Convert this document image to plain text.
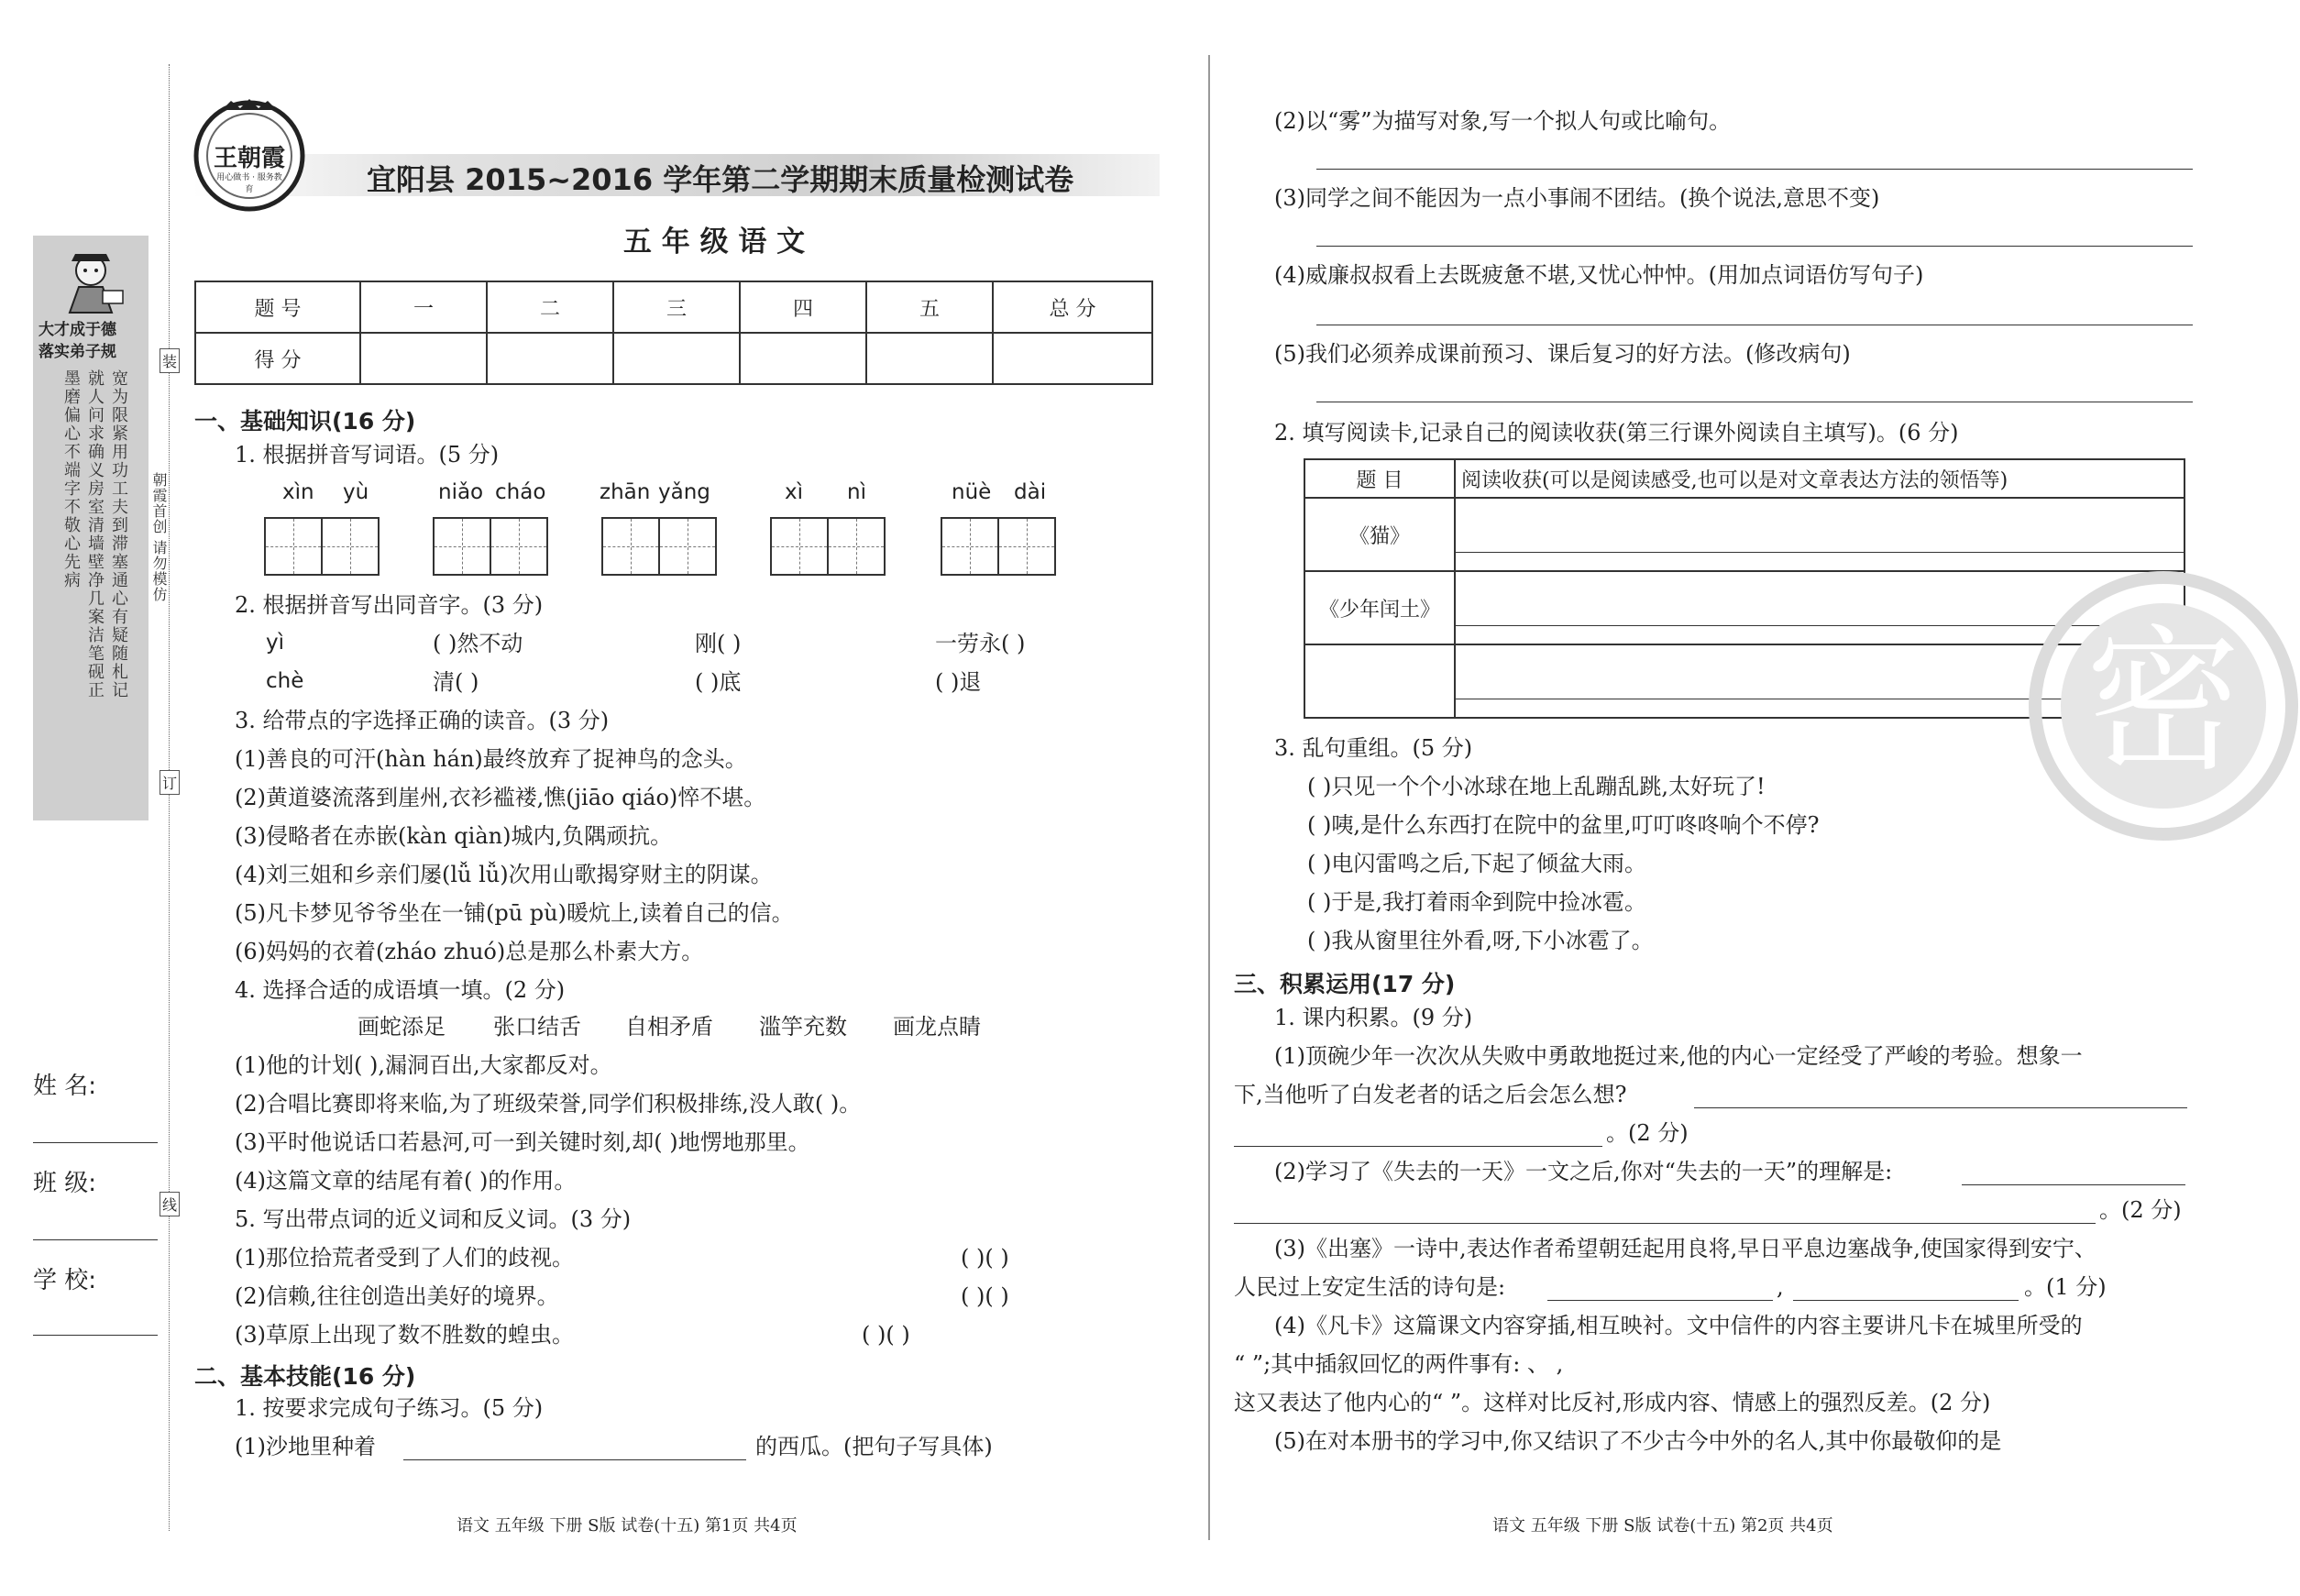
大才成于德
落实弟子规
宽为限紧用功工夫到滞塞通心有疑随札记
就人问求确义房室清墙壁净几案洁笔砚正
墨磨偏心不端字不敬心先病
姓 名:
班 级:
学 校:
装
订
线
朝霞首创 请勿模仿
王朝霞
用心做书 · 服务教育	宜阳县 2015~2016 学年第二学期期末质量检测试卷
五 年 级 语 文
题 号	一	二	三	四	五	总 分
得 分						
一、基础知识(16 分)
1. 根据拼音写词语。(5 分)
xìn yù	niǎo cháo	zhān yǎng	xì nì	nüè dài
2. 根据拼音写出同音字。(3 分)
yì	( )然不动	刚( )	一劳永( )
chè	清( )	( )底	( )退
3. 给带点的字选择正确的读音。(3 分)
(1)善良的可汗(hàn hán)最终放弃了捉神鸟的念头。
(2)黄道婆流落到崖州,衣衫褴褛,憔(jiāo qiáo)悴不堪。
(3)侵略者在赤嵌(kàn qiàn)城内,负隅顽抗。
(4)刘三姐和乡亲们屡(lǚ lǚ)次用山歌揭穿财主的阴谋。
(5)凡卡梦见爷爷坐在一铺(pū pù)暖炕上,读着自己的信。
(6)妈妈的衣着(zháo zhuó)总是那么朴素大方。
4. 选择合适的成语填一填。(2 分)
画蛇添足 张口结舌 自相矛盾 滥竽充数 画龙点睛
(1)他的计划( ),漏洞百出,大家都反对。
(2)合唱比赛即将来临,为了班级荣誉,同学们积极排练,没人敢( )。
(3)平时他说话口若悬河,可一到关键时刻,却( )地愣地那里。
(4)这篇文章的结尾有着( )的作用。
5. 写出带点词的近义词和反义词。(3 分)
(1)那位拾荒者受到了人们的歧视。	( )( )
(2)信赖,往往创造出美好的境界。	( )( )
(3)草原上出现了数不胜数的蝗虫。	( )( )
二、基本技能(16 分)
1. 按要求完成句子练习。(5 分)
(1)沙地里种着	的西瓜。(把句子写具体)
(2)以“雾”为描写对象,写一个拟人句或比喻句。
(3)同学之间不能因为一点小事闹不团结。(换个说法,意思不变)
(4)威廉叔叔看上去既疲惫不堪,又忧心忡忡。(用加点词语仿写句子)
(5)我们必须养成课前预习、课后复习的好方法。(修改病句)
2. 填写阅读卡,记录自己的阅读收获(第三行课外阅读自主填写)。(6 分)
题 目	阅读收获(可以是阅读感受,也可以是对文章表达方法的领悟等)
《猫》	

《少年闰土》	

3. 乱句重组。(5 分)
( )只见一个个小冰球在地上乱蹦乱跳,太好玩了!
( )咦,是什么东西打在院中的盆里,叮叮咚咚响个不停?
( )电闪雷鸣之后,下起了倾盆大雨。
( )于是,我打着雨伞到院中捡冰雹。
( )我从窗里往外看,呀,下小冰雹了。
三、积累运用(17 分)
1. 课内积累。(9 分)
(1)顶碗少年一次次从失败中勇敢地挺过来,他的内心一定经受了严峻的考验。想象一
下,当他听了白发老者的话之后会怎么想?
。(2 分)
(2)学习了《失去的一天》一文之后,你对“失去的一天”的理解是:
。(2 分)
(3)《出塞》一诗中,表达作者希望朝廷起用良将,早日平息边塞战争,使国家得到安宁、
人民过上安定生活的诗句是:	,	。(1 分)
(4)《凡卡》这篇课文内容穿插,相互映衬。文中信件的内容主要讲凡卡在城里所受的
“ ”;其中插叙回忆的两件事有: 、 ,
这又表达了他内心的“ ”。这样对比反衬,形成内容、情感上的强烈反差。(2 分)
(5)在对本册书的学习中,你又结识了不少古今中外的名人,其中你最敬仰的是
密
语文 五年级 下册 S版 试卷(十五) 第1页 共4页	语文 五年级 下册 S版 试卷(十五) 第2页 共4页
